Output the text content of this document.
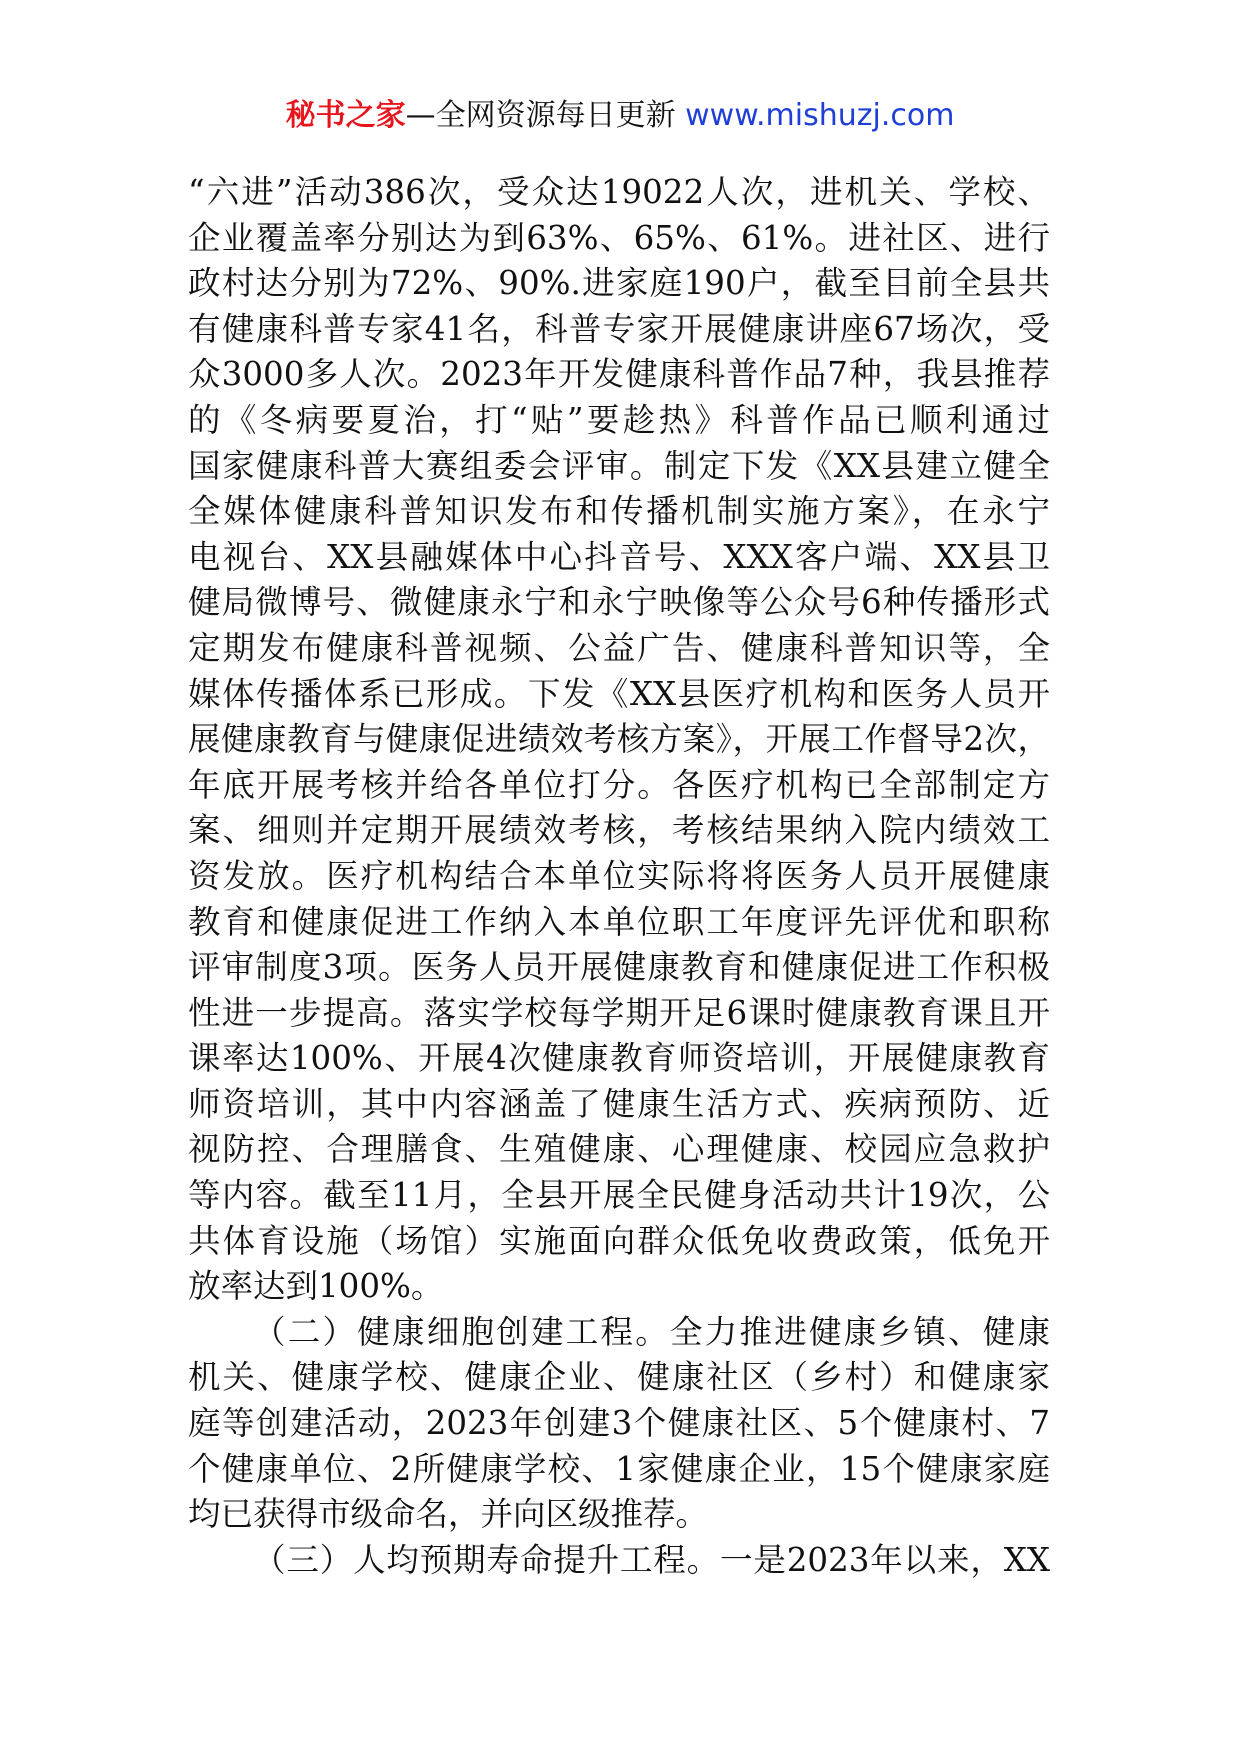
秘书之家—全网资源每日更新 www.mishuzj.com
“六进”活动386次，受众达19022人次，进机关、学校、
企业覆盖率分别达为到63%、65%、61%。进社区、进行
政村达分别为72%、90%.进家庭190户，截至目前全县共
有健康科普专家41名，科普专家开展健康讲座67场次，受
众3000多人次。2023年开发健康科普作品7种，我县推荐
的《冬病要夏治，打“贴”要趁热》科普作品已顺利通过
国家健康科普大赛组委会评审。制定下发《XX县建立健全
全媒体健康科普知识发布和传播机制实施方案》，在永宁
电视台、XX县融媒体中心抖音号、XXX客户端、XX县卫
健局微博号、微健康永宁和永宁映像等公众号6种传播形式
定期发布健康科普视频、公益广告、健康科普知识等，全
媒体传播体系已形成。下发《XX县医疗机构和医务人员开
展健康教育与健康促进绩效考核方案》，开展工作督导2次，
年底开展考核并给各单位打分。各医疗机构已全部制定方
案、细则并定期开展绩效考核，考核结果纳入院内绩效工
资发放。医疗机构结合本单位实际将将医务人员开展健康
教育和健康促进工作纳入本单位职工年度评先评优和职称
评审制度3项。医务人员开展健康教育和健康促进工作积极
性进一步提高。落实学校每学期开足6课时健康教育课且开
课率达100%、开展4次健康教育师资培训，开展健康教育
师资培训，其中内容涵盖了健康生活方式、疾病预防、近
视防控、合理膳食、生殖健康、心理健康、校园应急救护
等内容。截至11月，全县开展全民健身活动共计19次，公
共体育设施（场馆）实施面向群众低免收费政策，低免开
放率达到100%。
（二）健康细胞创建工程。全力推进健康乡镇、健康
机关、健康学校、健康企业、健康社区（乡村）和健康家
庭等创建活动，2023年创建3个健康社区、5个健康村、7
个健康单位、2所健康学校、1家健康企业，15个健康家庭
均已获得市级命名，并向区级推荐。
（三）人均预期寿命提升工程。一是2023年以来，XX
